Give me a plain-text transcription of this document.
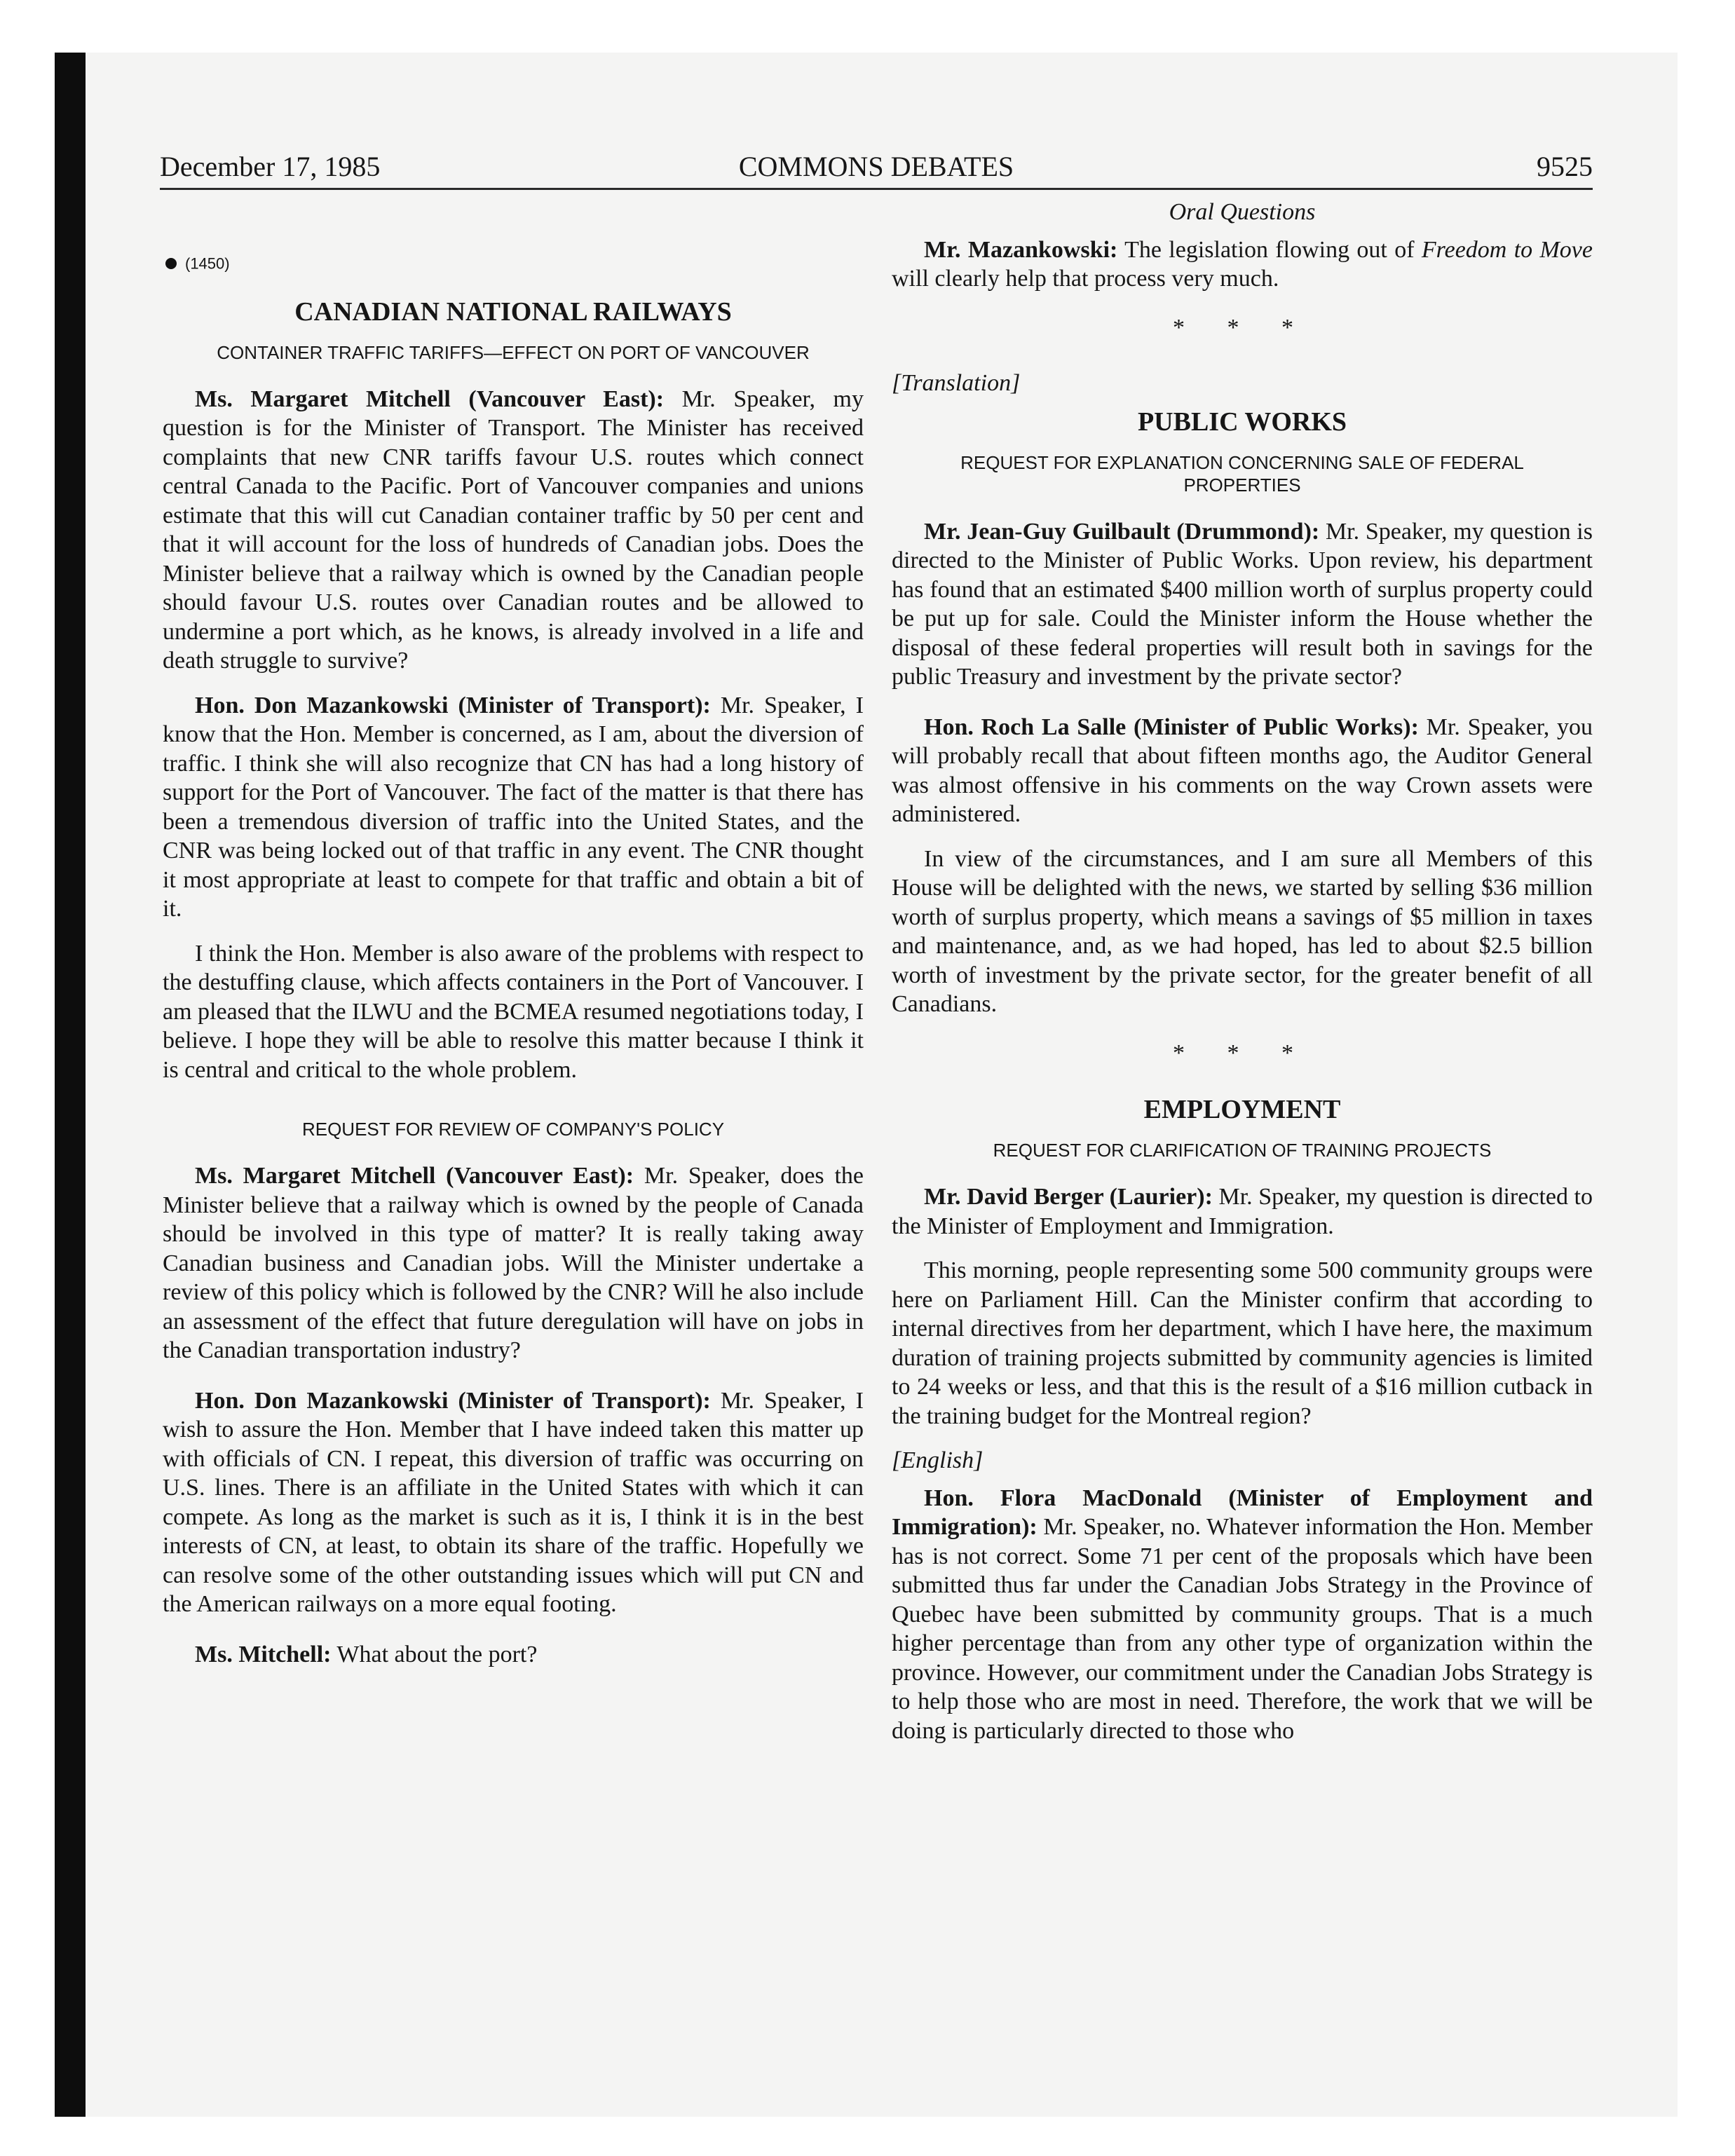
December 17, 1985	COMMONS DEBATES	9525
(1450)
CANADIAN NATIONAL RAILWAYS
CONTAINER TRAFFIC TARIFFS—EFFECT ON PORT OF VANCOUVER

Ms. Margaret Mitchell (Vancouver East): Mr. Speaker, my question is for the Minister of Transport. The Minister has received complaints that new CNR tariffs favour U.S. routes which connect central Canada to the Pacific. Port of Vancouver companies and unions estimate that this will cut Canadian container traffic by 50 per cent and that it will account for the loss of hundreds of Canadian jobs. Does the Minister believe that a railway which is owned by the Canadian people should favour U.S. routes over Canadian routes and be allowed to undermine a port which, as he knows, is already involved in a life and death struggle to survive?

Hon. Don Mazankowski (Minister of Transport): Mr. Speaker, I know that the Hon. Member is concerned, as I am, about the diversion of traffic. I think she will also recognize that CN has had a long history of support for the Port of Vancouver. The fact of the matter is that there has been a tremendous diversion of traffic into the United States, and the CNR was being locked out of that traffic in any event. The CNR thought it most appropriate at least to compete for that traffic and obtain a bit of it.

I think the Hon. Member is also aware of the problems with respect to the destuffing clause, which affects containers in the Port of Vancouver. I am pleased that the ILWU and the BCMEA resumed negotiations today, I believe. I hope they will be able to resolve this matter because I think it is central and critical to the whole problem.

REQUEST FOR REVIEW OF COMPANY'S POLICY

Ms. Margaret Mitchell (Vancouver East): Mr. Speaker, does the Minister believe that a railway which is owned by the people of Canada should be involved in this type of matter? It is really taking away Canadian business and Canadian jobs. Will the Minister undertake a review of this policy which is followed by the CNR? Will he also include an assessment of the effect that future deregulation will have on jobs in the Canadian transportation industry?

Hon. Don Mazankowski (Minister of Transport): Mr. Speaker, I wish to assure the Hon. Member that I have indeed taken this matter up with officials of CN. I repeat, this diversion of traffic was occurring on U.S. lines. There is an affiliate in the United States with which it can compete. As long as the market is such as it is, I think it is in the best interests of CN, at least, to obtain its share of the traffic. Hopefully we can resolve some of the other outstanding issues which will put CN and the American railways on a more equal footing.

Ms. Mitchell: What about the port?

Oral Questions

Mr. Mazankowski: The legislation flowing out of Freedom to Move will clearly help that process very much.

* * *
[Translation]
PUBLIC WORKS
REQUEST FOR EXPLANATION CONCERNING SALE OF FEDERAL PROPERTIES

Mr. Jean-Guy Guilbault (Drummond): Mr. Speaker, my question is directed to the Minister of Public Works. Upon review, his department has found that an estimated $400 million worth of surplus property could be put up for sale. Could the Minister inform the House whether the disposal of these federal properties will result both in savings for the public Treasury and investment by the private sector?

Hon. Roch La Salle (Minister of Public Works): Mr. Speaker, you will probably recall that about fifteen months ago, the Auditor General was almost offensive in his comments on the way Crown assets were administered.

In view of the circumstances, and I am sure all Members of this House will be delighted with the news, we started by selling $36 million worth of surplus property, which means a savings of $5 million in taxes and maintenance, and, as we had hoped, has led to about $2.5 billion worth of investment by the private sector, for the greater benefit of all Canadians.

* * *
EMPLOYMENT
REQUEST FOR CLARIFICATION OF TRAINING PROJECTS

Mr. David Berger (Laurier): Mr. Speaker, my question is directed to the Minister of Employment and Immigration.

This morning, people representing some 500 community groups were here on Parliament Hill. Can the Minister confirm that according to internal directives from her department, which I have here, the maximum duration of training projects submitted by community agencies is limited to 24 weeks or less, and that this is the result of a $16 million cutback in the training budget for the Montreal region?

[English]

Hon. Flora MacDonald (Minister of Employment and Immigration): Mr. Speaker, no. Whatever information the Hon. Member has is not correct. Some 71 per cent of the proposals which have been submitted thus far under the Canadian Jobs Strategy in the Province of Quebec have been submitted by community groups. That is a much higher percentage than from any other type of organization within the province. However, our commitment under the Canadian Jobs Strategy is to help those who are most in need. Therefore, the work that we will be doing is particularly directed to those who
